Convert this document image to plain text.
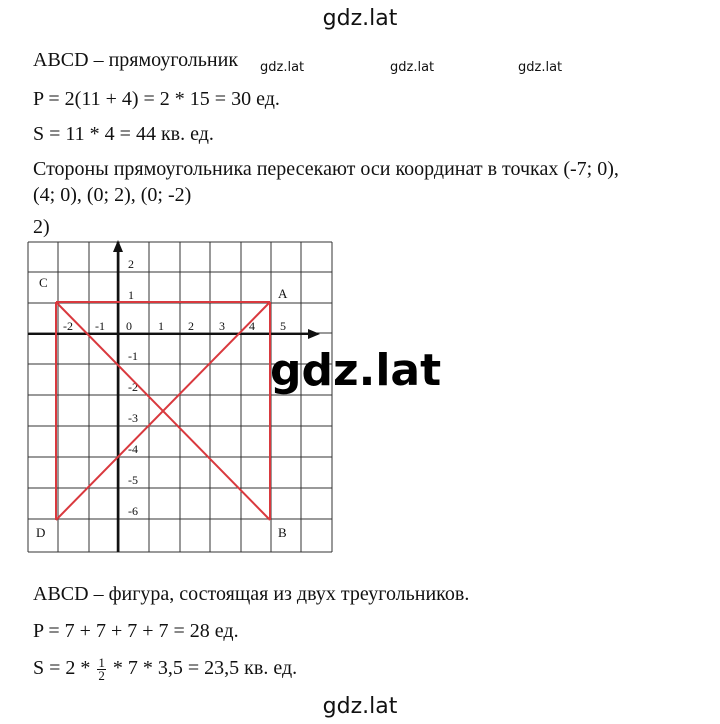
gdz.lat
ABCD – прямоугольник gdz.lat	gdz.lat	gdz.lat
P = 2(11 + 4) = 2 * 15 = 30 ед.
S = 11 * 4 = 44 кв. ед.
Стороны прямоугольника пересекают оси координат в точках (-7; 0),
(4; 0), (0; 2), (0; -2)
2)
-2 -1 0 1 2 3 4 5
2
1
-1
-2
-3
-4
-5
-6
C
A
D	B
gdz.lat
ABCD – фигура, состоящая из двух треугольников.
P = 7 + 7 + 7 + 7 = 28 ед.
$S = 2 * \frac{1}{2} * 7 * 3,5 = 23,5$ кв. ед.
gdz.lat
